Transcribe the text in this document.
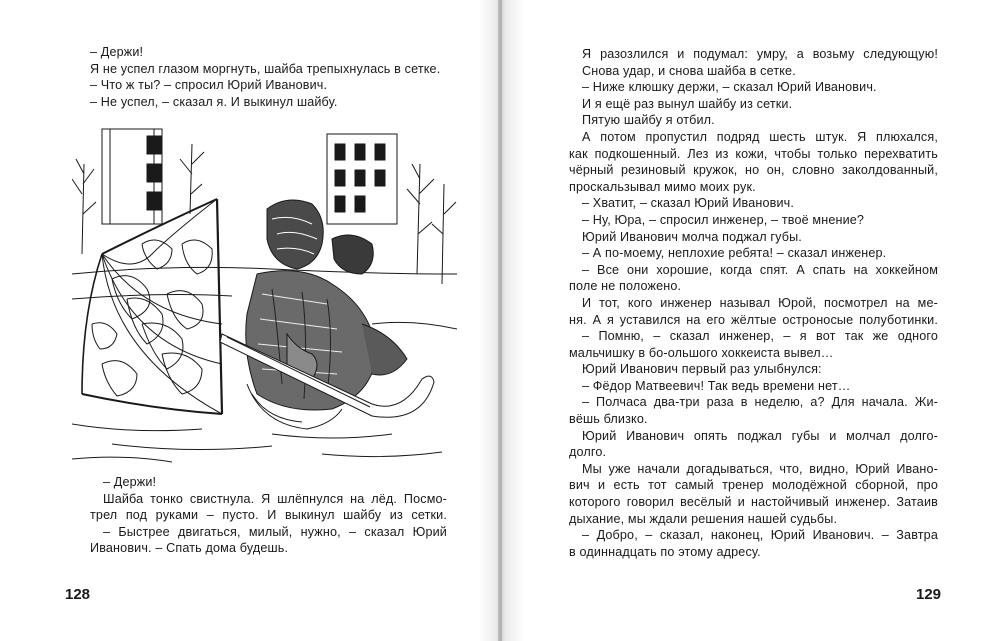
– Держи!
Я не успел глазом моргнуть, шайба трепыхнулась в сетке.
– Что ж ты? – спросил Юрий Иванович.
– Не успел, – сказал я. И выкинул шайбу.
– Держи!
Шайба тонко свистнула. Я шлёпнулся на лёд. Посмо-
трел под руками – пусто. И выкинул шайбу из сетки.
– Быстрее двигаться, милый, нужно, – сказал Юрий
Иванович. – Спать дома будешь.
128
Я разозлился и подумал: умру, а возьму следующую!
Снова удар, и снова шайба в сетке.
– Ниже клюшку держи, – сказал Юрий Иванович.
И я ещё раз вынул шайбу из сетки.
Пятую шайбу я отбил.
А потом пропустил подряд шесть штук. Я плюхался,
как подкошенный. Лез из кожи, чтобы только перехватить
чёрный резиновый кружок, но он, словно заколдованный,
проскальзывал мимо моих рук.
– Хватит, – сказал Юрий Иванович.
– Ну, Юра, – спросил инженер, – твоё мнение?
Юрий Иванович молча поджал губы.
– А по-моему, неплохие ребята! – сказал инженер.
– Все они хорошие, когда спят. А спать на хоккейном
поле не положено.
И тот, кого инженер называл Юрой, посмотрел на ме-
ня. А я уставился на его жёлтые остроносые полуботинки.
– Помню, – сказал инженер, – я вот так же одного
мальчишку в бо-ольшого хоккеиста вывел…
Юрий Иванович первый раз улыбнулся:
– Фёдор Матвеевич! Так ведь времени нет…
– Полчаса два-три раза в неделю, а? Для начала. Жи-
вёшь близко.
Юрий Иванович опять поджал губы и молчал долго-
долго.
Мы уже начали догадываться, что, видно, Юрий Ивано-
вич и есть тот самый тренер молодёжной сборной, про
которого говорил весёлый и настойчивый инженер. Затаив
дыхание, мы ждали решения нашей судьбы.
– Добро, – сказал, наконец, Юрий Иванович. – Завтра
в одиннадцать по этому адресу.
129
